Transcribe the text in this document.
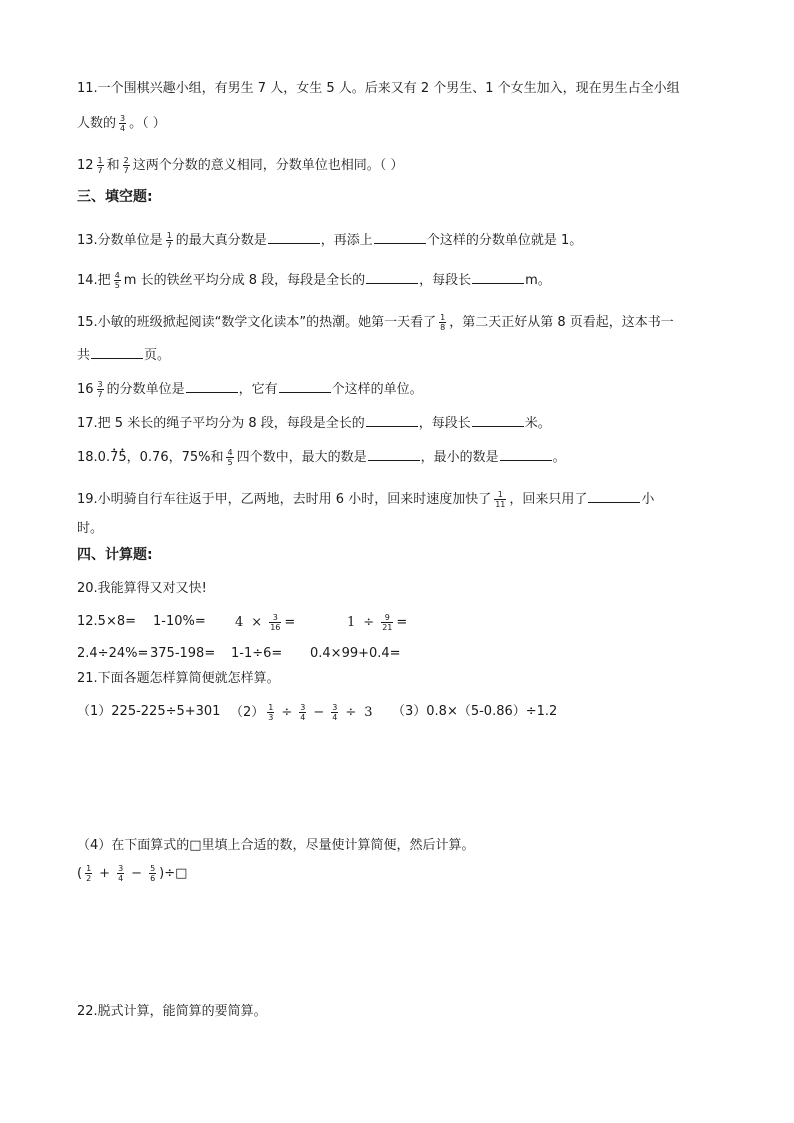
11.一个围棋兴趣小组，有男生 7 人，女生 5 人。后来又有 2 个男生、1 个女生加入，现在男生占全小组
人数的 $\frac{3}{4}$ 。（ ）
$12 \frac{1}{7}$ 和 $\frac{2}{7}$ 这两个分数的意义相同，分数单位也相同。（ ）
三、填空题:
13.分数单位是 $\frac{1}{7}$ 的最大真分数是	，再添上	个这样的分数单位就是 1。
14.把 $\frac{4}{5}$ m 长的铁丝平均分成 8 段，每段是全长的	，每段长	m。
15.小敏的班级掀起阅读“数学文化读本”的热潮。她第一天看了 $\frac{1}{8}$ ，第二天正好从第 8 页看起，这本书一
共	页。
$16 \frac{3}{7}$ 的分数单位是	，它有	个这样的单位。
17.把 5 米长的绳子平均分为 8 段，每段是全长的	，每段长	米。
18.0.7 •5 •，0.76，75%和 $\frac{4}{5}$ 四个数中，最大的数是	，最小的数是	。
19.小明骑自行车往返于甲，乙两地，去时用 6 小时，回来时速度加快了 $\frac{1}{11}$ ，回来只用了	小
时。
四、计算题:
20.我能算得又对又快!
12.5×8= 1-10%=	$4 \times \frac{3}{16}$ =	$1 \div \frac{9}{21}$ =
2.4÷24%= 375-198= 1-1÷6= 0.4×99+0.4=
21.下面各题怎样算简便就怎样算。
（1）225-225÷5+301 $(2) \frac{1}{3} \div \frac{3}{4} - \frac{3}{4} \div 3$	（3）0.8×（5-0.86）÷1.2
（4）在下面算式的□里填上合适的数，尽量使计算简便，然后计算。
( $\frac{1}{2} + \frac{3}{4} - \frac{5}{6}$ )÷□
22.脱式计算，能简算的要简算。
